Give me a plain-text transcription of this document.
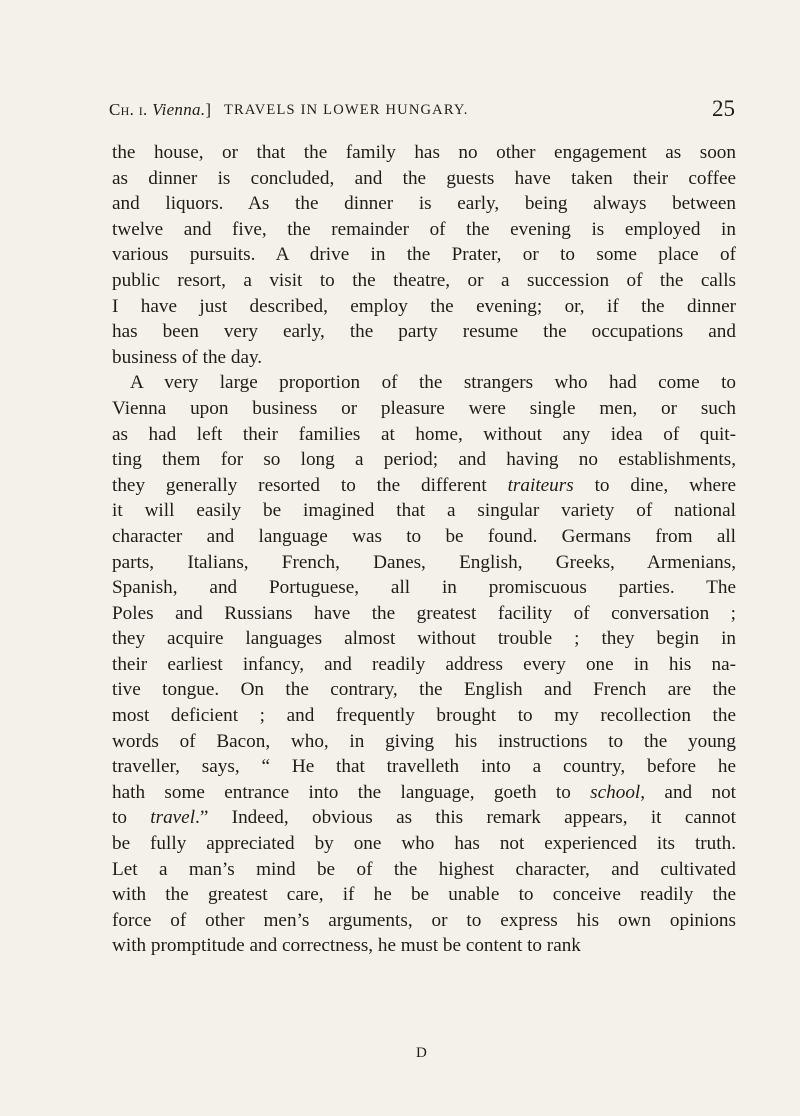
Ch. i. Vienna.] TRAVELS IN LOWER HUNGARY.	25
the house, or that the family has no other engagement as soon
as dinner is concluded, and the guests have taken their coffee
and liquors. As the dinner is early, being always between
twelve and five, the remainder of the evening is employed in
various pursuits. A drive in the Prater, or to some place of
public resort, a visit to the theatre, or a succession of the calls
I have just described, employ the evening; or, if the dinner
has been very early, the party resume the occupations and
business of the day.
A very large proportion of the strangers who had come to
Vienna upon business or pleasure were single men, or such
as had left their families at home, without any idea of quit-
ting them for so long a period; and having no establishments,
they generally resorted to the different traiteurs to dine, where
it will easily be imagined that a singular variety of national
character and language was to be found. Germans from all
parts, Italians, French, Danes, English, Greeks, Armenians,
Spanish, and Portuguese, all in promiscuous parties. The
Poles and Russians have the greatest facility of conversation ;
they acquire languages almost without trouble ; they begin in
their earliest infancy, and readily address every one in his na-
tive tongue. On the contrary, the English and French are the
most deficient ; and frequently brought to my recollection the
words of Bacon, who, in giving his instructions to the young
traveller, says, “ He that travelleth into a country, before he
hath some entrance into the language, goeth to school, and not
to travel.” Indeed, obvious as this remark appears, it cannot
be fully appreciated by one who has not experienced its truth.
Let a man’s mind be of the highest character, and cultivated
with the greatest care, if he be unable to conceive readily the
force of other men’s arguments, or to express his own opinions
with promptitude and correctness, he must be content to rank
D
